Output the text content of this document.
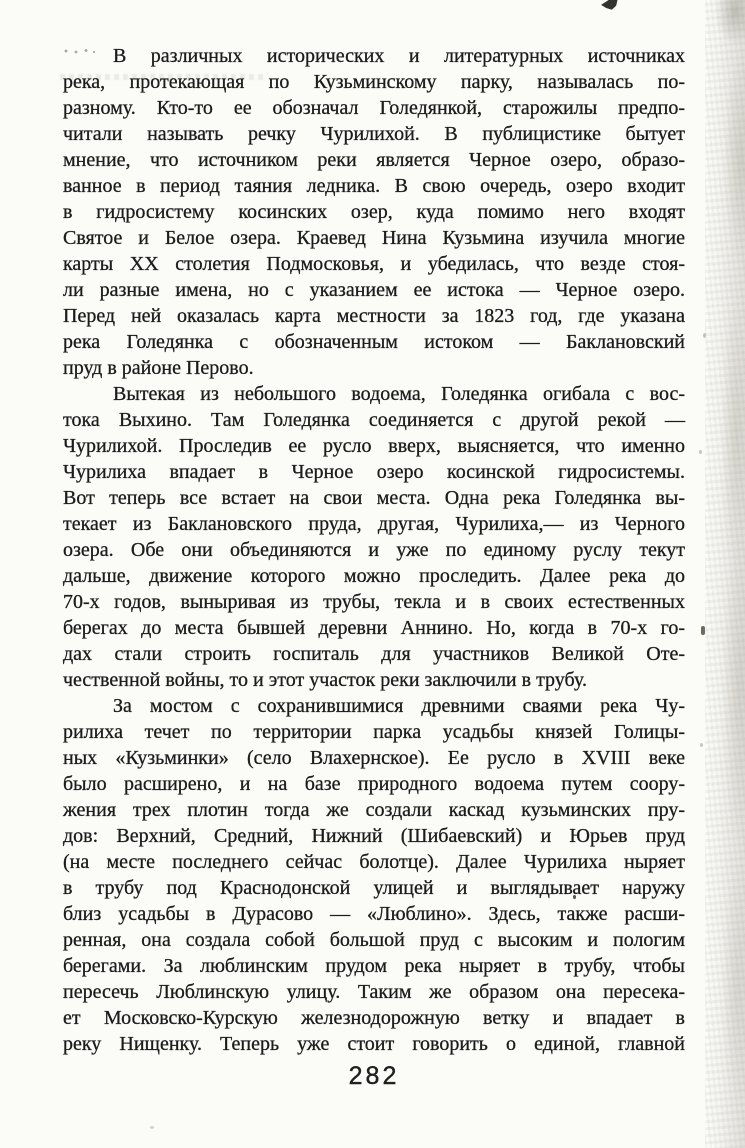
В различных исторических и литературных источниках
река, протекающая по Кузьминскому парку, называлась по-
разному. Кто-то ее обозначал Голедянкой, старожилы предпо-
читали называть речку Чурилихой. В публицистике бытует
мнение, что источником реки является Черное озеро, образо-
ванное в период таяния ледника. В свою очередь, озеро входит
в гидросистему косинских озер, куда помимо него входят
Святое и Белое озера. Краевед Нина Кузьмина изучила многие
карты XX столетия Подмосковья, и убедилась, что везде стоя-
ли разные имена, но с указанием ее истока — Черное озеро.
Перед ней оказалась карта местности за 1823 год, где указана
река Голедянка с обозначенным истоком — Баклановский
пруд в районе Перово.
Вытекая из небольшого водоема, Голедянка огибала с вос-
тока Выхино. Там Голедянка соединяется с другой рекой —
Чурилихой. Проследив ее русло вверх, выясняется, что именно
Чурилиха впадает в Черное озеро косинской гидросистемы.
Вот теперь все встает на свои места. Одна река Голедянка вы-
текает из Баклановского пруда, другая, Чурилиха,— из Черного
озера. Обе они объединяются и уже по единому руслу текут
дальше, движение которого можно проследить. Далее река до
70-х годов, выныривая из трубы, текла и в своих естественных
берегах до места бывшей деревни Аннино. Но, когда в 70-х го-
дах стали строить госпиталь для участников Великой Оте-
чественной войны, то и этот участок реки заключили в трубу.
За мостом с сохранившимися древними сваями река Чу-
рилиха течет по территории парка усадьбы князей Голицы-
ных «Кузьминки» (село Влахернское). Ее русло в XVIII веке
было расширено, и на базе природного водоема путем соору-
жения трех плотин тогда же создали каскад кузьминских пру-
дов: Верхний, Средний, Нижний (Шибаевский) и Юрьев пруд
(на месте последнего сейчас болотце). Далее Чурилиха ныряет
в трубу под Краснодонской улицей и выглядывает наружу
близ усадьбы в Дурасово — «Люблино». Здесь, также расши-
ренная, она создала собой большой пруд с высоким и пологим
берегами. За люблинским прудом река ныряет в трубу, чтобы
пересечь Люблинскую улицу. Таким же образом она пересека-
ет Московско-Курскую железнодорожную ветку и впадает в
реку Нищенку. Теперь уже стоит говорить о единой, главной
282
